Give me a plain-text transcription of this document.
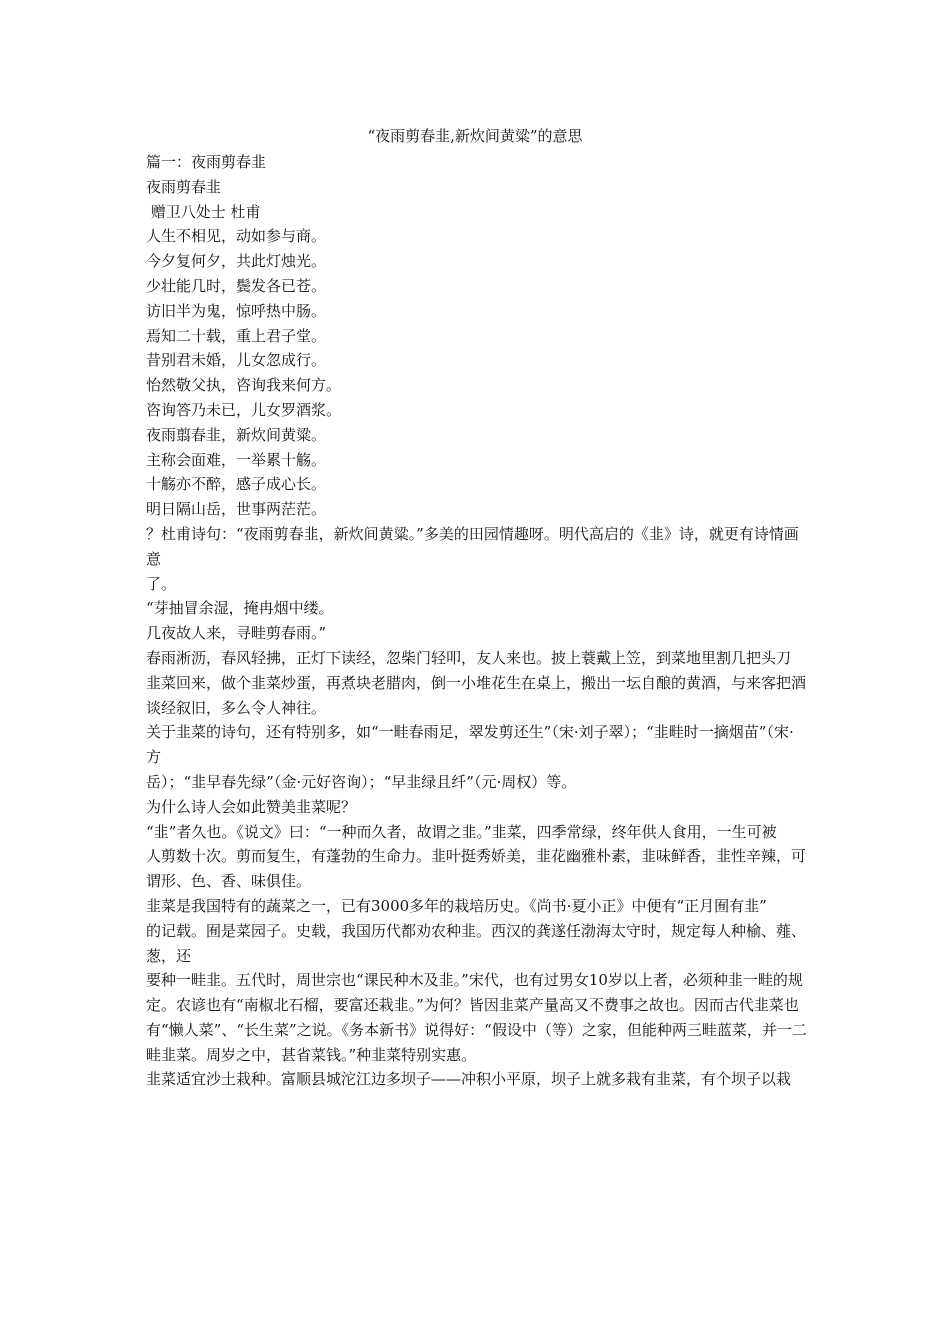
“夜雨剪春韭,新炊间黄粱”的意思
篇一：夜雨剪春韭
夜雨剪春韭
赠卫八处士 杜甫
人生不相见，动如参与商。
今夕复何夕，共此灯烛光。
少壮能几时，鬓发各已苍。
访旧半为鬼，惊呼热中肠。
焉知二十载，重上君子堂。
昔别君未婚，儿女忽成行。
怡然敬父执，咨询我来何方。
咨询答乃未已，儿女罗酒浆。
夜雨翦春韭，新炊间黄粱。
主称会面难，一举累十觞。
十觞亦不醉，感子成心长。
明日隔山岳，世事两茫茫。
？杜甫诗句：“夜雨剪春韭，新炊间黄粱。”多美的田园情趣呀。明代高启的《韭》诗，就更有诗情画意
了。
“芽抽冒余湿，掩冉烟中缕。
几夜故人来，寻畦剪春雨。”
春雨淅沥，春风轻拂，正灯下读经，忽柴门轻叩，友人来也。披上蓑戴上笠，到菜地里割几把头刀
韭菜回来，做个韭菜炒蛋，再煮块老腊肉，倒一小堆花生在桌上，搬出一坛自酿的黄酒，与来客把酒谈经叙旧，多么令人神往。
关于韭菜的诗句，还有特别多，如“一畦春雨足，翠发剪还生”（宋·刘子翠）；“韭畦时一摘烟苗”（宋·方
岳）；“韭早春先绿”（金·元好咨询）；“早韭绿且纤”（元·周权）等。
为什么诗人会如此赞美韭菜呢？
“韭”者久也。《说文》曰：“一种而久者，故谓之韭。”韭菜，四季常绿，终年供人食用，一生可被
人剪数十次。剪而复生，有蓬勃的生命力。韭叶挺秀娇美，韭花幽雅朴素，韭味鲜香，韭性辛辣，可谓形、色、香、味俱佳。
韭菜是我国特有的蔬菜之一，已有3000多年的栽培历史。《尚书·夏小正》中便有“正月囿有韭”
的记载。囿是菜园子。史载，我国历代都劝农种韭。西汉的龚遂任渤海太守时，规定每人种榆、薤、葱，还
要种一畦韭。五代时，周世宗也“课民种木及韭。”宋代，也有过男女10岁以上者，必须种韭一畦的规定。农谚也有“南椒北石榴，要富还栽韭。”为何？皆因韭菜产量高又不费事之故也。因而古代韭菜也有“懒人菜”、“长生菜”之说。《务本新书》说得好：“假设中（等）之家，但能种两三畦蓝菜，并一二畦韭菜。周岁之中，甚省菜钱。”种韭菜特别实惠。
韭菜适宜沙土栽种。富顺县城沱江边多坝子——冲积小平原，坝子上就多栽有韭菜，有个坝子以栽
